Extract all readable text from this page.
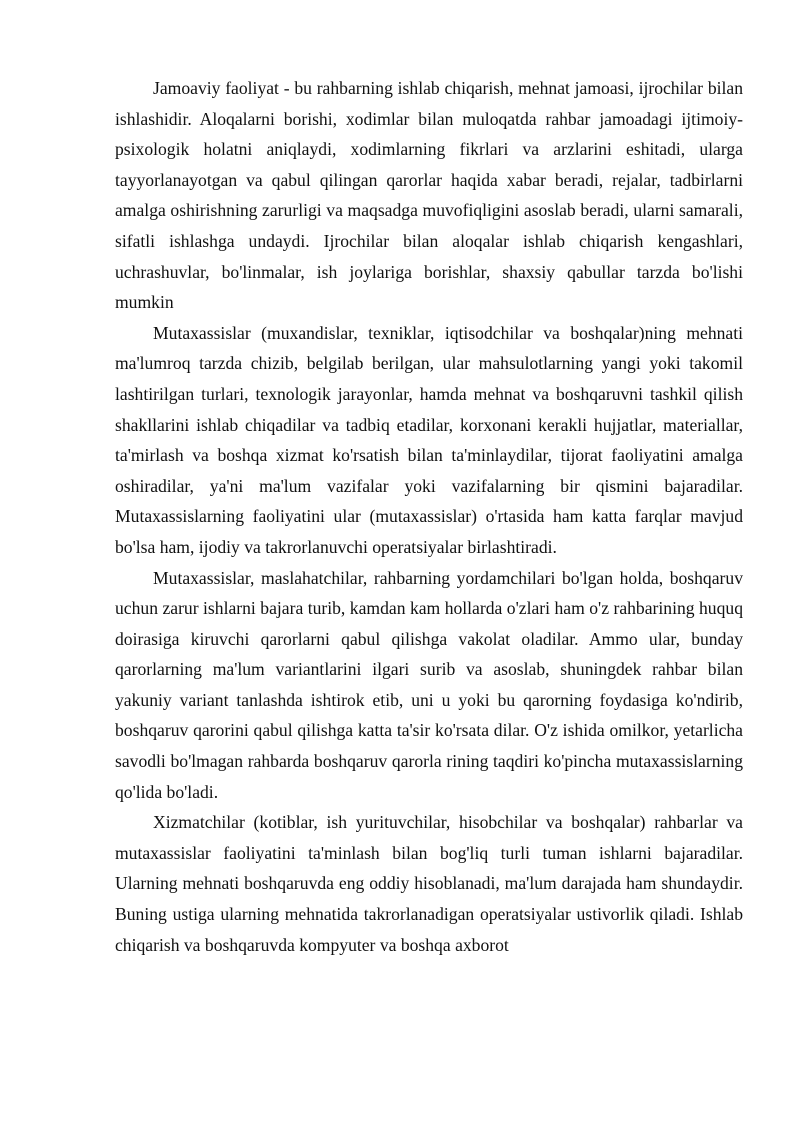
Jamoaviy faoliyat - bu rahbarning ishlab chiqarish, mehnat jamoasi, ijrochilar bilan ishlashidir. Aloqalarni borishi, xodimlar bilan muloqatda rahbar jamoadagi ijtimoiy-psixologik holatni aniqlaydi, xodimlarning fikrlari va arzlarini eshitadi, ularga tayyorlanayotgan va qabul qilingan qarorlar haqida xabar beradi, rejalar, tadbirlarni amalga oshirishning zarurligi va maqsadga muvofiqligini asoslab beradi, ularni samarali, sifatli ishlashga undaydi. Ijrochilar bilan aloqalar ishlab chiqarish kengashlari, uchrashuvlar, bo'linmalar, ish joylariga borishlar, shaxsiy qabullar tarzda bo'lishi mumkin

Mutaxassislar (muxandislar, texniklar, iqtisodchilar va boshqalar)ning mehnati ma'lumroq tarzda chizib, belgilab berilgan, ular mahsulotlarning yangi yoki takomil lashtirilgan turlari, texnologik jarayonlar, hamda mehnat va boshqaruvni tashkil qilish shakllarini ishlab chiqadilar va tadbiq etadilar, korxonani kerakli hujjatlar, materiallar, ta'mirlash va boshqa xizmat ko'rsatish bilan ta'minlaydilar, tijorat faoliyatini amalga oshiradilar, ya'ni ma'lum vazifalar yoki vazifalarning bir qismini bajaradilar. Mutaxassislarning faoliyatini ular (mutaxassislar) o'rtasida ham katta farqlar mavjud bo'lsa ham, ijodiy va takrorlanuvchi operatsiyalar birlashtiradi.

Mutaxassislar, maslahatchilar, rahbarning yordamchilari bo'lgan holda, boshqaruv uchun zarur ishlarni bajara turib, kamdan kam hollarda o'zlari ham o'z rahbarining huquq doirasiga kiruvchi qarorlarni qabul qilishga vakolat oladilar. Ammo ular, bunday qarorlarning ma'lum variantlarini ilgari surib va asoslab, shuningdek rahbar bilan yakuniy variant tanlashda ishtirok etib, uni u yoki bu qarorning foydasiga ko'ndirib, boshqaruv qarorini qabul qilishga katta ta'sir ko'rsata dilar. O'z ishida omilkor, yetarlicha savodli bo'lmagan rahbarda boshqaruv qarorla rining taqdiri ko'pincha mutaxassislarning qo'lida bo'ladi.

Xizmatchilar (kotiblar, ish yurituvchilar, hisobchilar va boshqalar) rahbarlar va mutaxassislar faoliyatini ta'minlash bilan bog'liq turli tuman ishlarni bajaradilar. Ularning mehnati boshqaruvda eng oddiy hisoblanadi, ma'lum darajada ham shundaydir. Buning ustiga ularning mehnatida takrorlanadigan operatsiyalar ustivorlik qiladi. Ishlab chiqarish va boshqaruvda kompyuter va boshqa axborot
